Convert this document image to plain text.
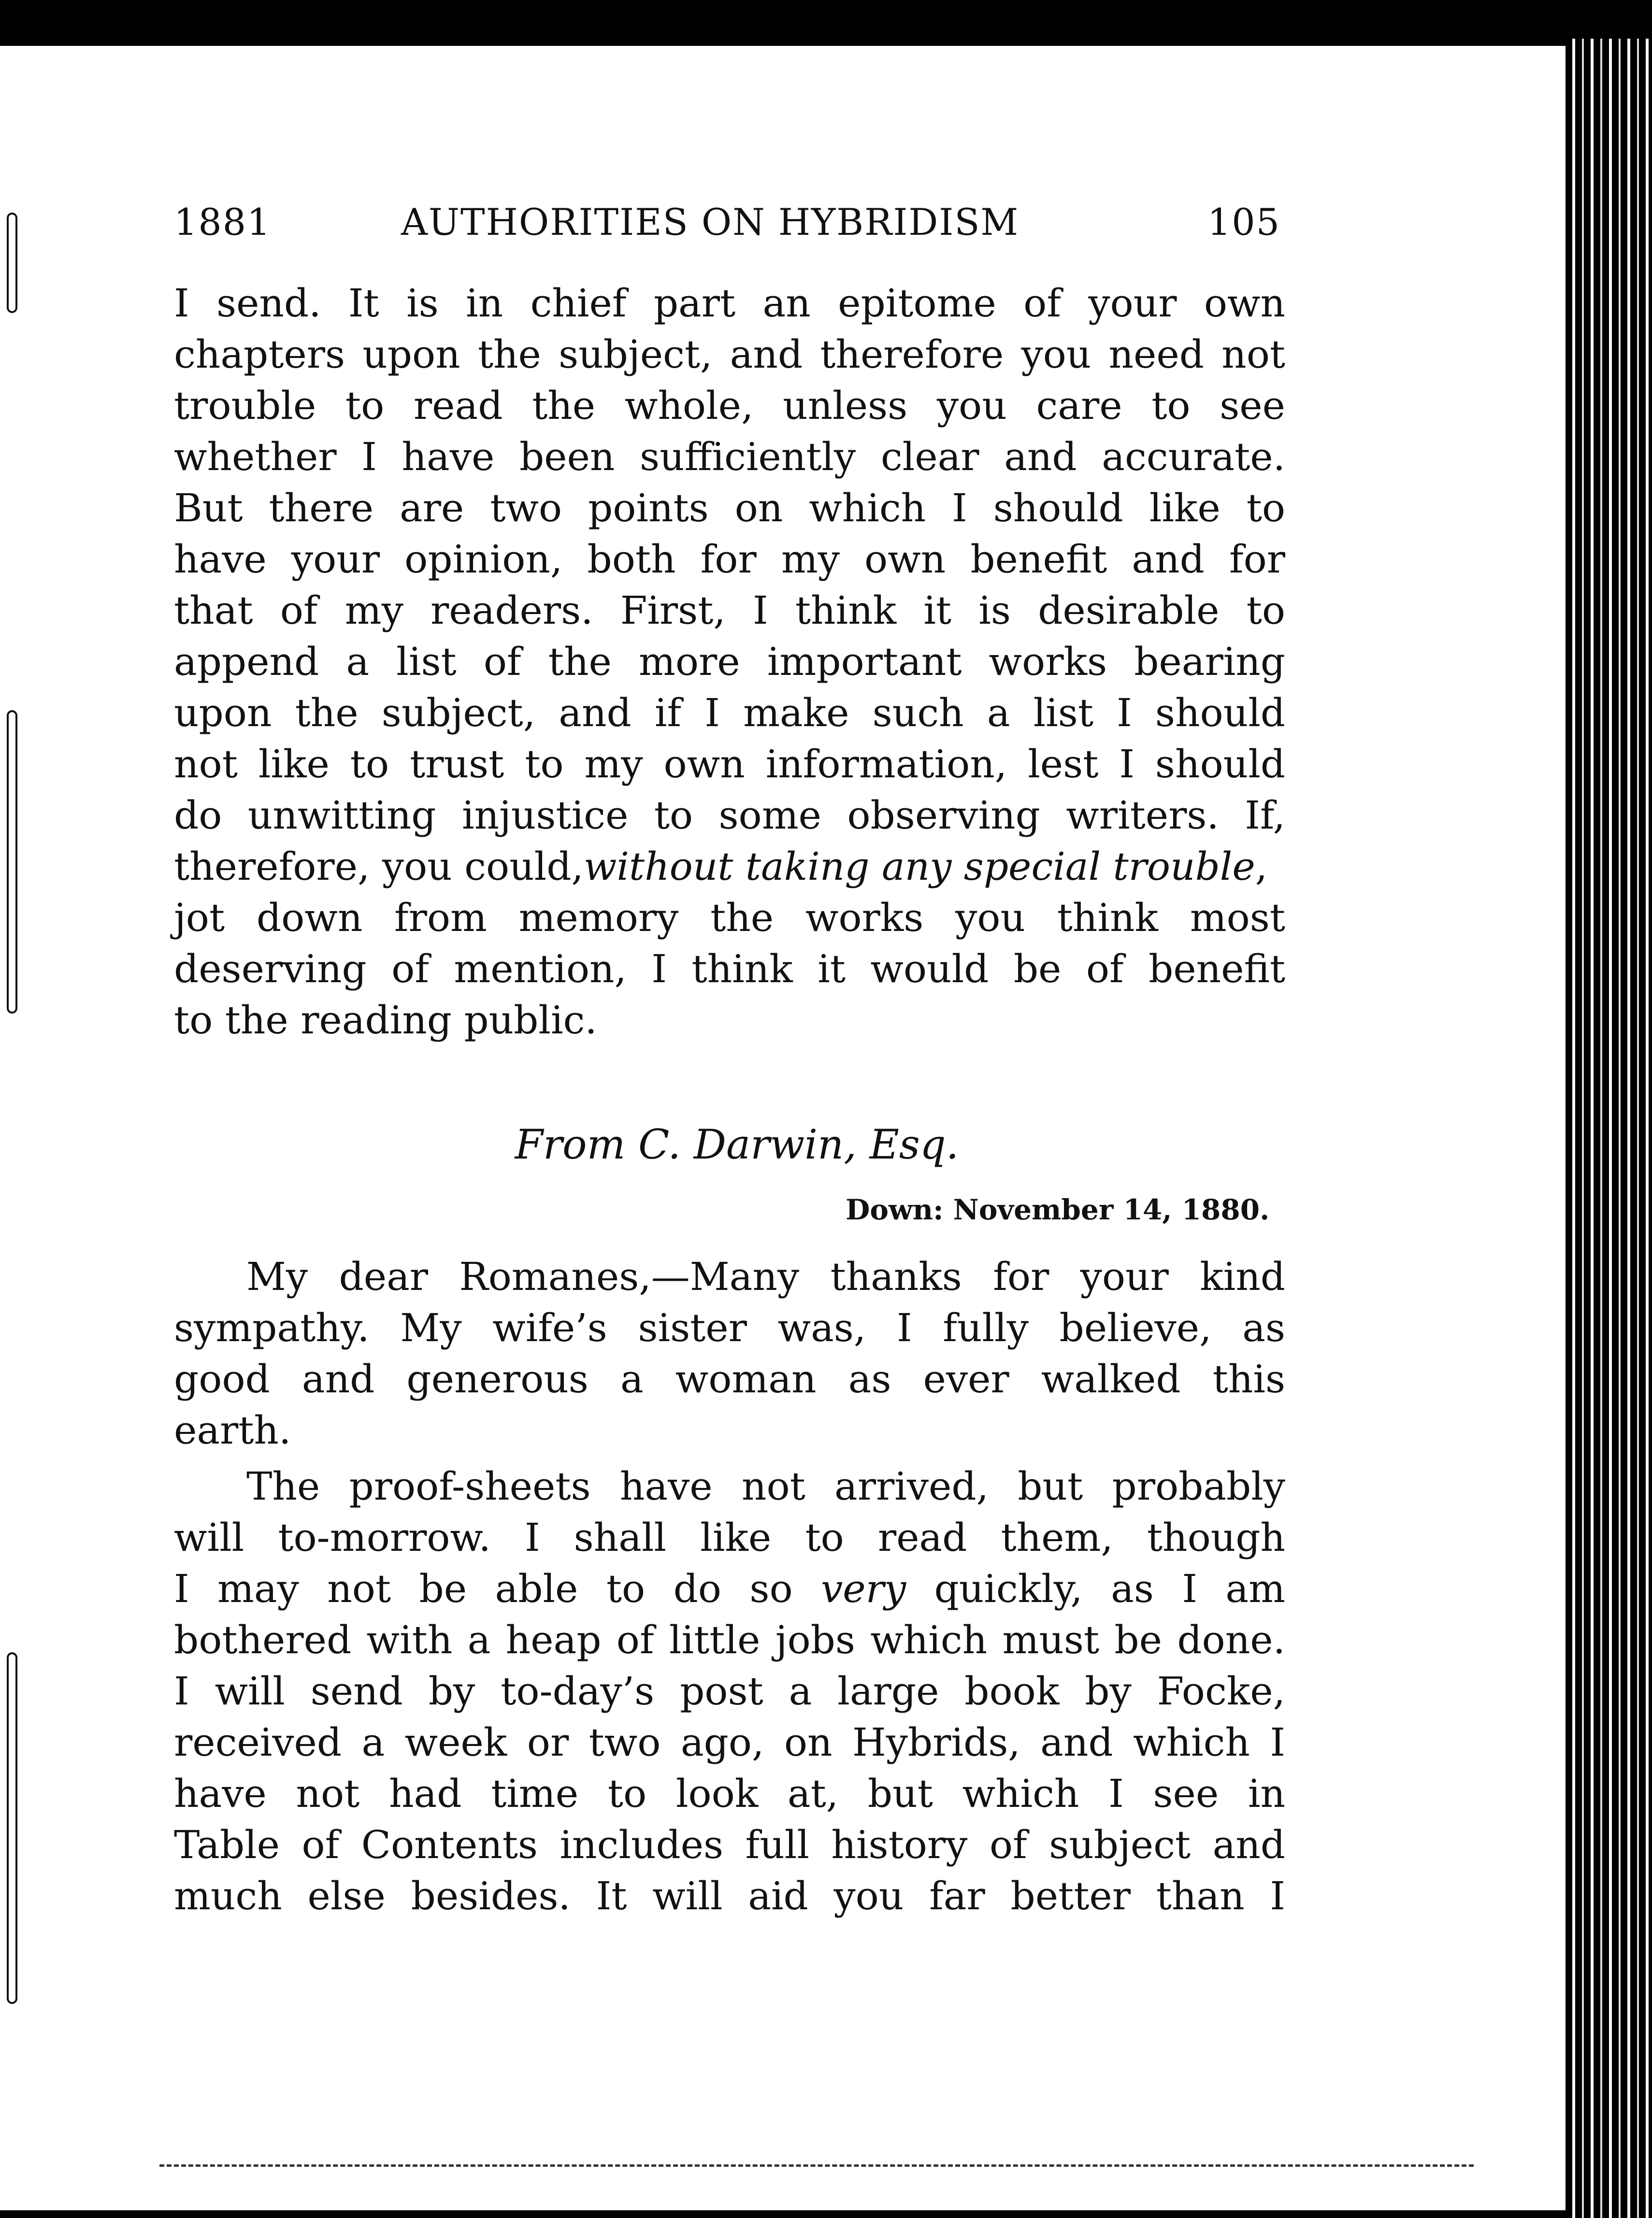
1881	AUTHORITIES ON HYBRIDISM	105
I send. It is in chief part an epitome of your own
chapters upon the subject, and therefore you need not
trouble to read the whole, unless you care to see
whether I have been sufficiently clear and accurate.
But there are two points on which I should like to
have your opinion, both for my own benefit and for
that of my readers. First, I think it is desirable to
append a list of the more important works bearing
upon the subject, and if I make such a list I should
not like to trust to my own information, lest I should
do unwitting injustice to some observing writers. If,
therefore, you could,without taking any special trouble,
jot down from memory the works you think most
deserving of mention, I think it would be of benefit
to the reading public.
From C. Darwin, Esq.
Down: November 14, 1880.
My dear Romanes,—Many thanks for your kind
sympathy. My wife’s sister was, I fully believe, as
good and generous a woman as ever walked this
earth.
The proof-sheets have not arrived, but probably
will to-morrow. I shall like to read them, though
I may not be able to do so very quickly, as I am
bothered with a heap of little jobs which must be done.
I will send by to-day’s post a large book by Focke,
received a week or two ago, on Hybrids, and which I
have not had time to look at, but which I see in
Table of Contents includes full history of subject and
much else besides. It will aid you far better than I
